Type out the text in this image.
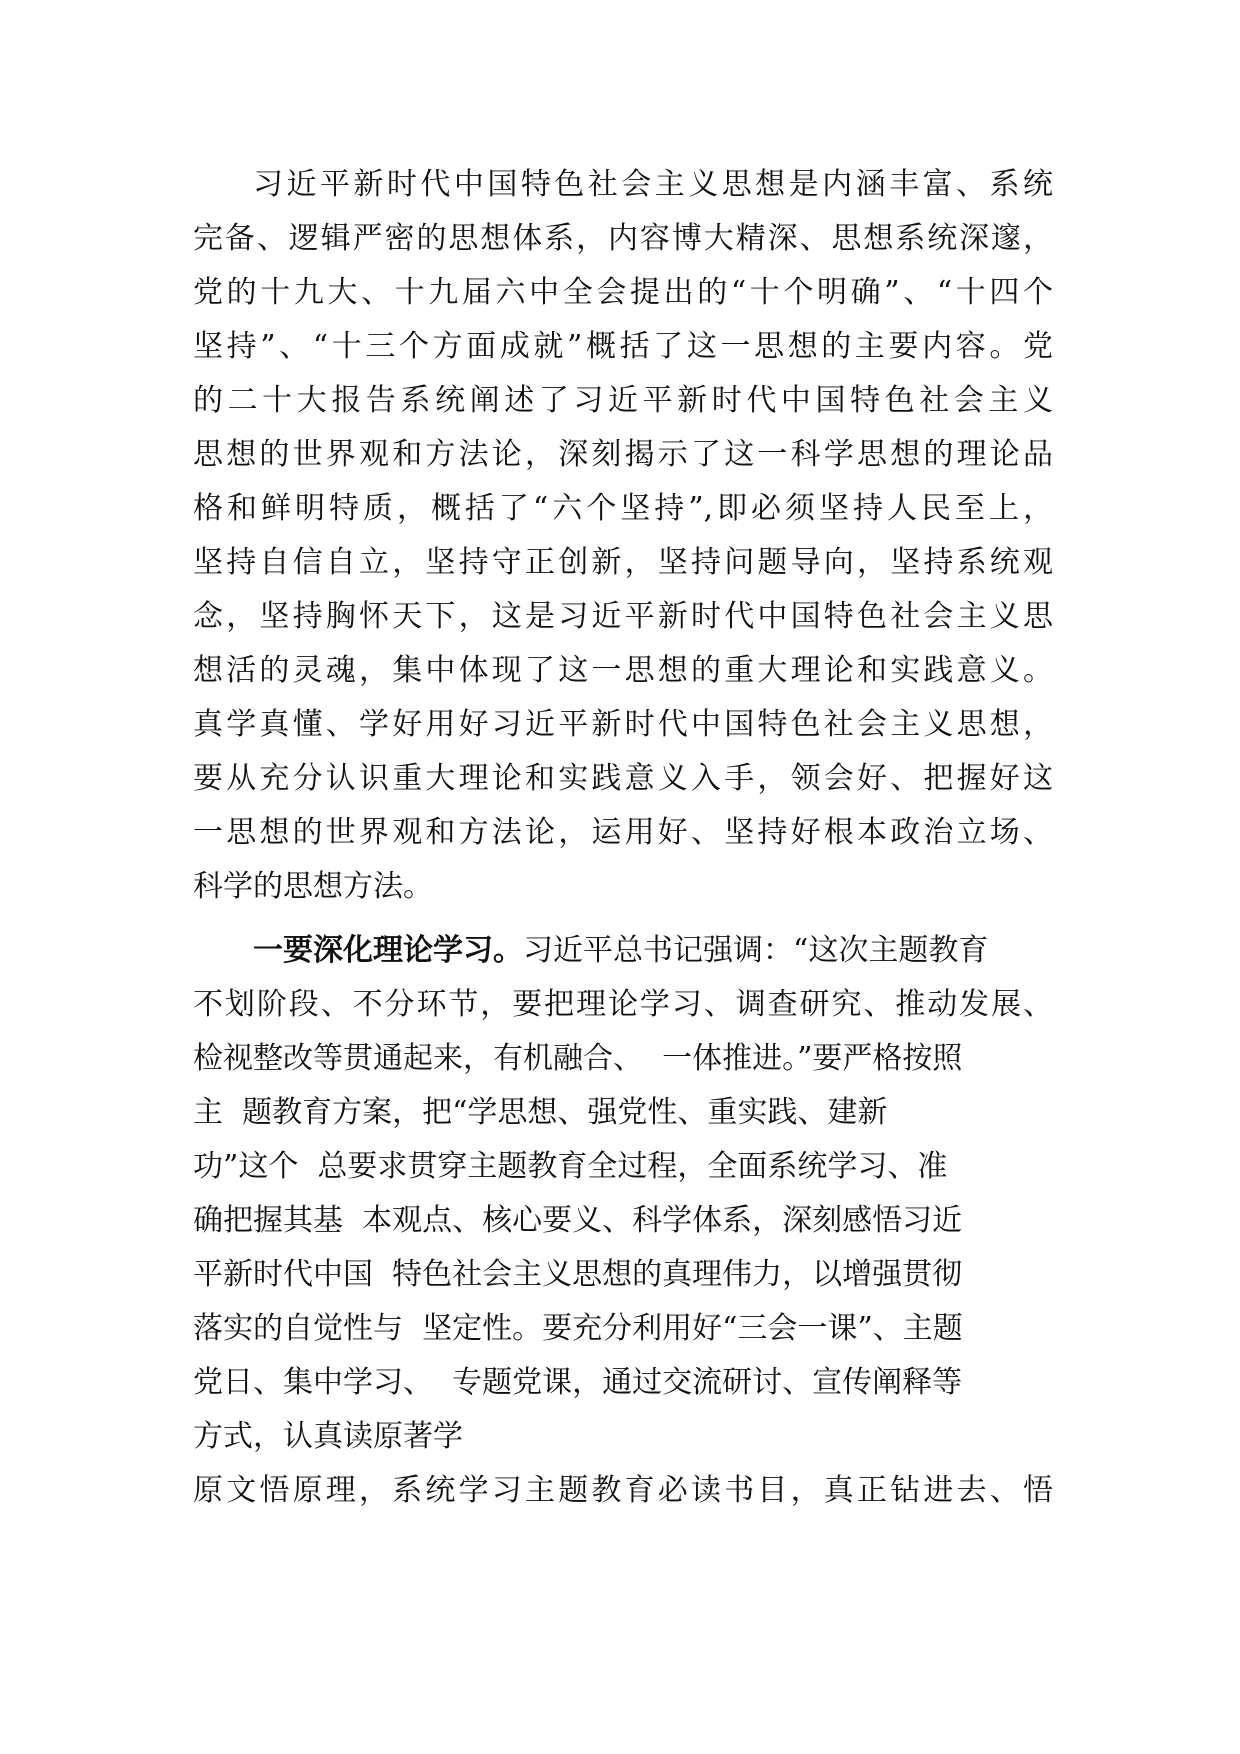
习近平新时代中国特色社会主义思想是内涵丰富、系统
完备、逻辑严密的思想体系，内容博大精深、思想系统深邃，
党的十九大、十九届六中全会提出的“十个明确”、“十四个
坚持”、“十三个方面成就”概括了这一思想的主要内容。党
的二十大报告系统阐述了习近平新时代中国特色社会主义
思想的世界观和方法论，深刻揭示了这一科学思想的理论品
格和鲜明特质，概括了“六个坚持”,即必须坚持人民至上，
坚持自信自立，坚持守正创新，坚持问题导向，坚持系统观
念，坚持胸怀天下，这是习近平新时代中国特色社会主义思
想活的灵魂，集中体现了这一思想的重大理论和实践意义。
真学真懂、学好用好习近平新时代中国特色社会主义思想，
要从充分认识重大理论和实践意义入手，领会好、把握好这
一思想的世界观和方法论，运用好、坚持好根本政治立场、
科学的思想方法。
一要深化理论学习。习近平总书记强调：“这次主题教育
不划阶段、不分环节，要把理论学习、调查研究、推动发展、
检视整改等贯通起来，有机融合、  一体推进。”要严格按照
主  题教育方案，把“学思想、强党性、重实践、建新
功”这个  总要求贯穿主题教育全过程，全面系统学习、准
确把握其基  本观点、核心要义、科学体系，深刻感悟习近
平新时代中国  特色社会主义思想的真理伟力，以增强贯彻
落实的自觉性与  坚定性。要充分利用好“三会一课”、主题
党日、集中学习、  专题党课，通过交流研讨、宣传阐释等
方式，认真读原著学
原文悟原理，系统学习主题教育必读书目，真正钻进去、悟
